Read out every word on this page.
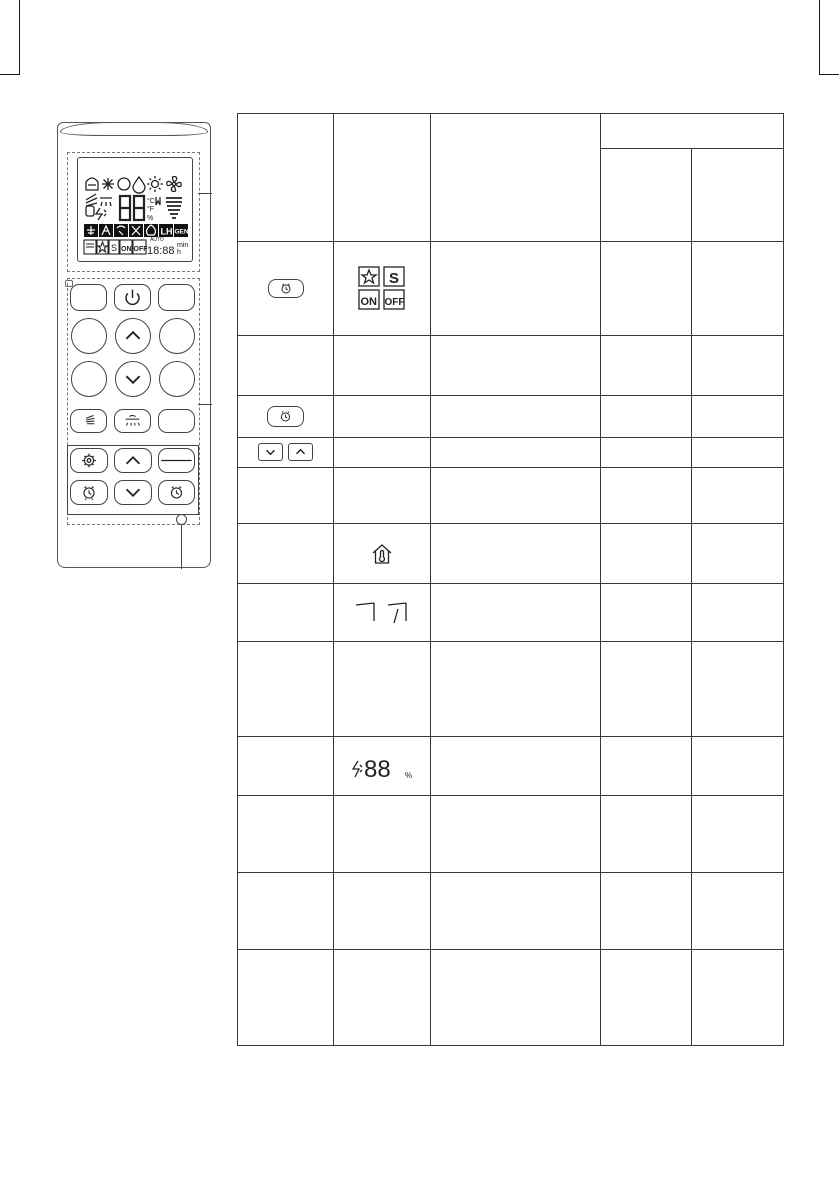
°C
°F
%
LH GEN
S ON OFF
AUTO
18:88 min
h

S
ON OFF			

88 %			
